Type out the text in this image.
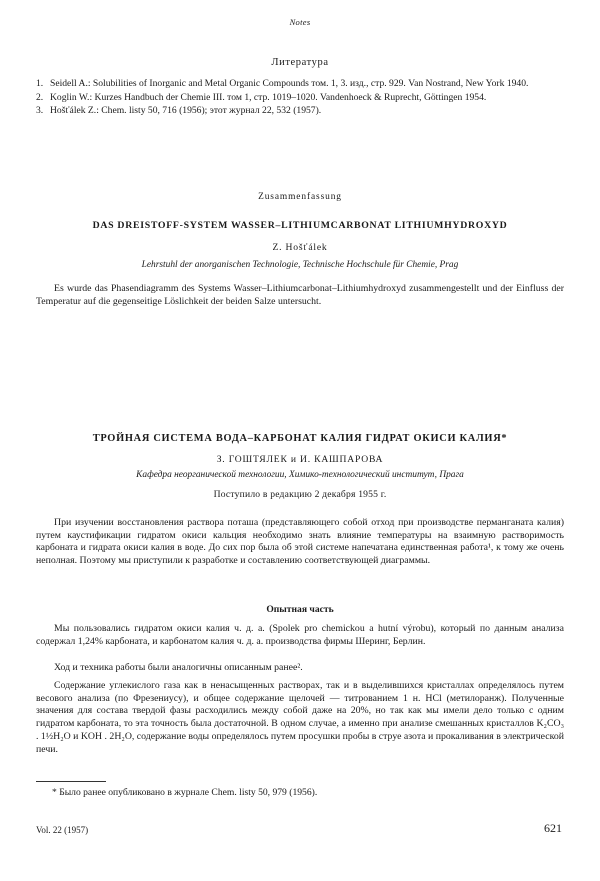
Notes
Литература
1. Seidell A.: Solubilities of Inorganic and Metal Organic Compounds том. 1, 3. изд., стр. 929. Van Nostrand, New York 1940.
2. Koglin W.: Kurzes Handbuch der Chemie III. том 1, стр. 1019–1020. Vandenhoeck & Ruprecht, Göttingen 1954.
3. Hošťálek Z.: Chem. listy 50, 716 (1956); этот журнал 22, 532 (1957).
Zusammenfassung
DAS DREISTOFF-SYSTEM WASSER–LITHIUMCARBONAT LITHIUMHYDROXYD
Z. Hošťálek
Lehrstuhl der anorganischen Technologie, Technische Hochschule für Chemie, Prag
Es wurde das Phasendiagramm des Systems Wasser–Lithiumcarbonat–Lithiumhydroxyd zusammengestellt und der Einfluss der Temperatur auf die gegenseitige Löslichkeit der beiden Salze untersucht.
ТРОЙНАЯ СИСТЕМА ВОДА–КАРБОНАТ КАЛИЯ ГИДРАТ ОКИСИ КАЛИЯ*
З. ГОШТЯЛЕК и И. КАШПАРОВА
Кафедра неорганической технологии, Химико-технологический институт, Прага
Поступило в редакцию 2 декабря 1955 г.
При изучении восстановления раствора поташа (представляющего собой отход при производстве перманганата калия) путем каустификации гидратом окиси кальция необходимо знать влияние температуры на взаимную растворимость карбоната и гидрата окиси калия в воде. До сих пор была об этой системе напечатана единственная работа¹, к тому же очень неполная. Поэтому мы приступили к разработке и составлению соответствующей диаграммы.
Опытная часть
Мы пользовались гидратом окиси калия ч. д. а. (Spolek pro chemickou a hutní výrobu), который по данным анализа содержал 1,24% карбоната, и карбонатом калия ч. д. а. производства фирмы Шеринг, Берлин.
Ход и техника работы были аналогичны описанным ранее².
Содержание углекислого газа как в ненасыщенных растворах, так и в выделившихся кристаллах определялось путем весового анализа (по Фрезениусу), и общее содержание щелочей — титрованием 1 н. HCl (метилоранж). Полученные значения для состава твердой фазы расходились между собой даже на 20%, но так как мы имели дело только с одним гидратом карбоната, то эта точность была достаточной. В одном случае, а именно при анализе смешанных кристаллов K₂CO₃ . 1½H₂O и KOH . 2H₂O, содержание воды определялось путем просушки пробы в струе азота и прокаливания в электрической печи.
* Было ранее опубликовано в журнале Chem. listy 50, 979 (1956).
Vol. 22 (1957)	621
